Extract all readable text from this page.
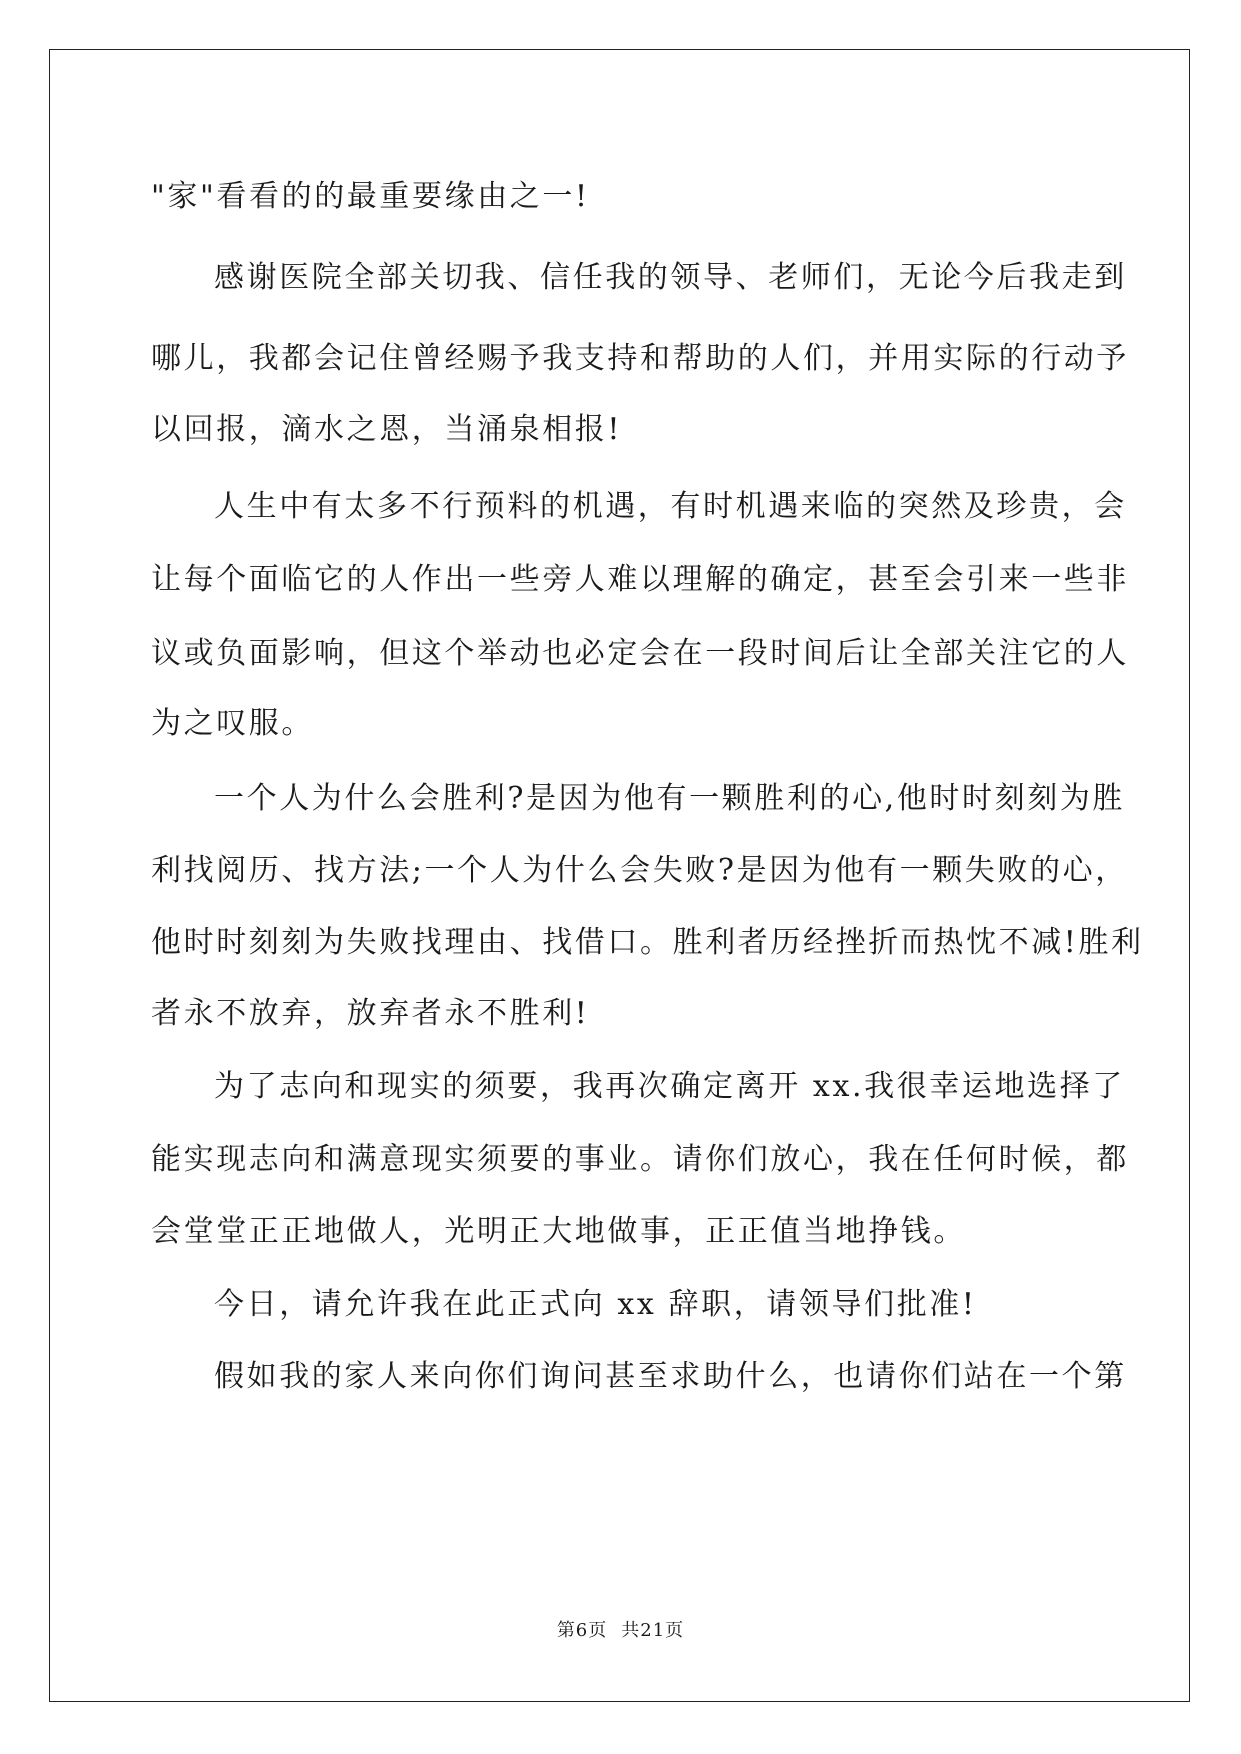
"家"看看的的最重要缘由之一!
感谢医院全部关切我、信任我的领导、老师们，无论今后我走到
哪儿，我都会记住曾经赐予我支持和帮助的人们，并用实际的行动予
以回报，滴水之恩，当涌泉相报!
人生中有太多不行预料的机遇，有时机遇来临的突然及珍贵，会
让每个面临它的人作出一些旁人难以理解的确定，甚至会引来一些非
议或负面影响，但这个举动也必定会在一段时间后让全部关注它的人
为之叹服。
一个人为什么会胜利?是因为他有一颗胜利的心,他时时刻刻为胜
利找阅历、找方法;一个人为什么会失败?是因为他有一颗失败的心，
他时时刻刻为失败找理由、找借口。胜利者历经挫折而热忱不减!胜利
者永不放弃，放弃者永不胜利!
为了志向和现实的须要，我再次确定离开 xx.我很幸运地选择了
能实现志向和满意现实须要的事业。请你们放心，我在任何时候，都
会堂堂正正地做人，光明正大地做事，正正值当地挣钱。
今日，请允许我在此正式向 xx 辞职，请领导们批准!
假如我的家人来向你们询问甚至求助什么，也请你们站在一个第
第6页 共21页
